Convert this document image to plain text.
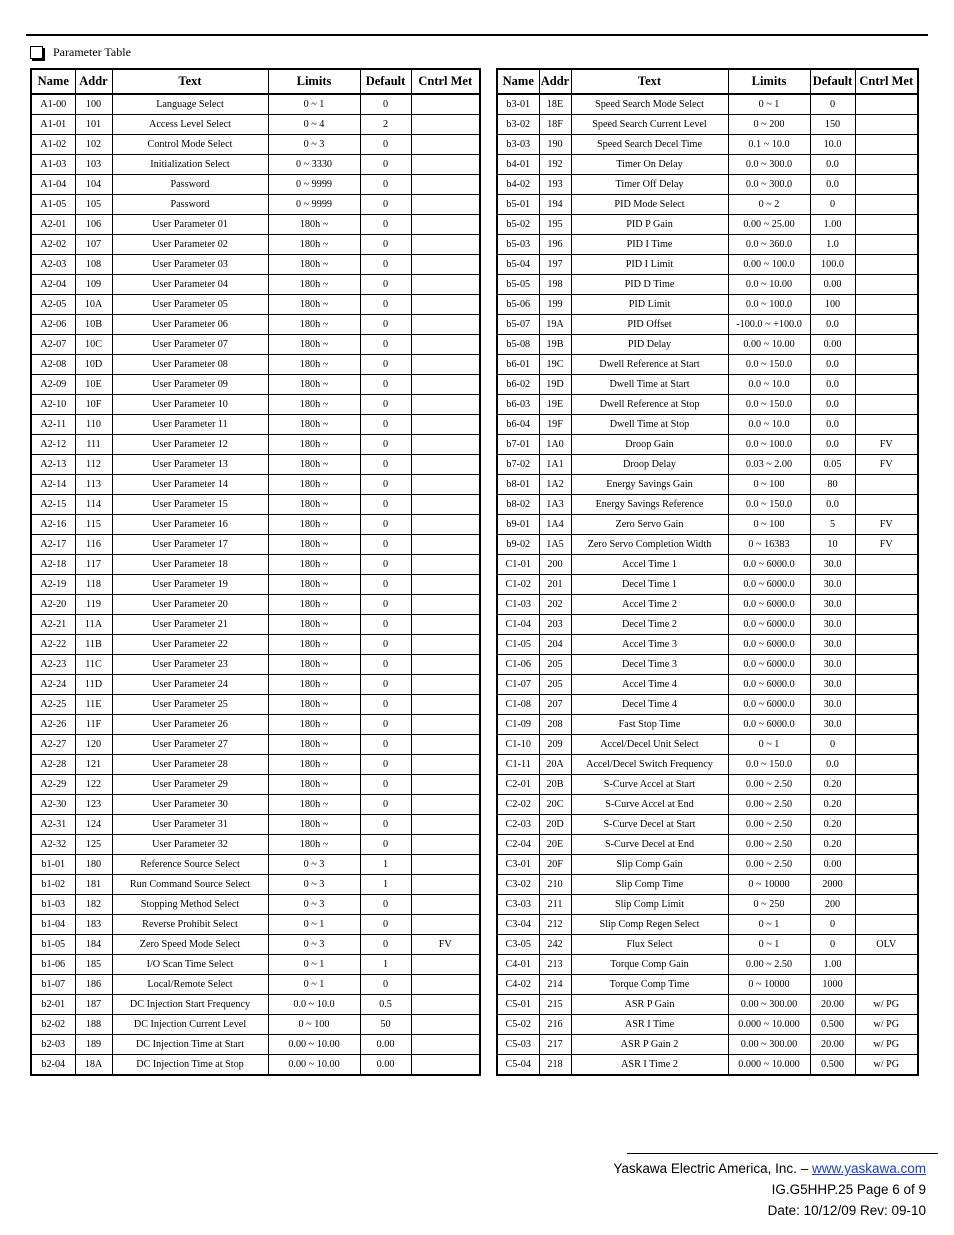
Parameter Table
Name	Addr	Text	Limits	Default	Cntrl Met
A1-00	100	Language Select	0 ~ 1	0	
A1-01	101	Access Level Select	0 ~ 4	2	
A1-02	102	Control Mode Select	0 ~ 3	0	
A1-03	103	Initialization Select	0 ~ 3330	0	
A1-04	104	Password	0 ~ 9999	0	
A1-05	105	Password	0 ~ 9999	0	
A2-01	106	User Parameter 01	180h ~	0	
A2-02	107	User Parameter 02	180h ~	0	
A2-03	108	User Parameter 03	180h ~	0	
A2-04	109	User Parameter 04	180h ~	0	
A2-05	10A	User Parameter 05	180h ~	0	
A2-06	10B	User Parameter 06	180h ~	0	
A2-07	10C	User Parameter 07	180h ~	0	
A2-08	10D	User Parameter 08	180h ~	0	
A2-09	10E	User Parameter 09	180h ~	0	
A2-10	10F	User Parameter 10	180h ~	0	
A2-11	110	User Parameter 11	180h ~	0	
A2-12	111	User Parameter 12	180h ~	0	
A2-13	112	User Parameter 13	180h ~	0	
A2-14	113	User Parameter 14	180h ~	0	
A2-15	114	User Parameter 15	180h ~	0	
A2-16	115	User Parameter 16	180h ~	0	
A2-17	116	User Parameter 17	180h ~	0	
A2-18	117	User Parameter 18	180h ~	0	
A2-19	118	User Parameter 19	180h ~	0	
A2-20	119	User Parameter 20	180h ~	0	
A2-21	11A	User Parameter 21	180h ~	0	
A2-22	11B	User Parameter 22	180h ~	0	
A2-23	11C	User Parameter 23	180h ~	0	
A2-24	11D	User Parameter 24	180h ~	0	
A2-25	11E	User Parameter 25	180h ~	0	
A2-26	11F	User Parameter 26	180h ~	0	
A2-27	120	User Parameter 27	180h ~	0	
A2-28	121	User Parameter 28	180h ~	0	
A2-29	122	User Parameter 29	180h ~	0	
A2-30	123	User Parameter 30	180h ~	0	
A2-31	124	User Parameter 31	180h ~	0	
A2-32	125	User Parameter 32	180h ~	0	
b1-01	180	Reference Source Select	0 ~ 3	1	
b1-02	181	Run Command Source Select	0 ~ 3	1	
b1-03	182	Stopping Method Select	0 ~ 3	0	
b1-04	183	Reverse Prohibit Select	0 ~ 1	0	
b1-05	184	Zero Speed Mode Select	0 ~ 3	0	FV
b1-06	185	I/O Scan Time Select	0 ~ 1	1	
b1-07	186	Local/Remote Select	0 ~ 1	0	
b2-01	187	DC Injection Start Frequency	0.0 ~ 10.0	0.5	
b2-02	188	DC Injection Current Level	0 ~ 100	50	
b2-03	189	DC Injection Time at Start	0.00 ~ 10.00	0.00	
b2-04	18A	DC Injection Time at Stop	0.00 ~ 10.00	0.00	
Name	Addr	Text	Limits	Default	Cntrl Met
b3-01	18E	Speed Search Mode Select	0 ~ 1	0	
b3-02	18F	Speed Search Current Level	0 ~ 200	150	
b3-03	190	Speed Search Decel Time	0.1 ~ 10.0	10.0	
b4-01	192	Timer On Delay	0.0 ~ 300.0	0.0	
b4-02	193	Timer Off Delay	0.0 ~ 300.0	0.0	
b5-01	194	PID Mode Select	0 ~ 2	0	
b5-02	195	PID P Gain	0.00 ~ 25.00	1.00	
b5-03	196	PID I Time	0.0 ~ 360.0	1.0	
b5-04	197	PID I Limit	0.00 ~ 100.0	100.0	
b5-05	198	PID D Time	0.0 ~ 10.00	0.00	
b5-06	199	PID Limit	0.0 ~ 100.0	100	
b5-07	19A	PID Offset	-100.0 ~ +100.0	0.0	
b5-08	19B	PID Delay	0.00 ~ 10.00	0.00	
b6-01	19C	Dwell Reference at Start	0.0 ~ 150.0	0.0	
b6-02	19D	Dwell Time at Start	0.0 ~ 10.0	0.0	
b6-03	19E	Dwell Reference at Stop	0.0 ~ 150.0	0.0	
b6-04	19F	Dwell Time at Stop	0.0 ~ 10.0	0.0	
b7-01	1A0	Droop Gain	0.0 ~ 100.0	0.0	FV
b7-02	1A1	Droop Delay	0.03 ~ 2.00	0.05	FV
b8-01	1A2	Energy Savings Gain	0 ~ 100	80	
b8-02	1A3	Energy Savings Reference	0.0 ~ 150.0	0.0	
b9-01	1A4	Zero Servo Gain	0 ~ 100	5	FV
b9-02	1A5	Zero Servo Completion Width	0 ~ 16383	10	FV
C1-01	200	Accel Time 1	0.0 ~ 6000.0	30.0	
C1-02	201	Decel Time 1	0.0 ~ 6000.0	30.0	
C1-03	202	Accel Time 2	0.0 ~ 6000.0	30.0	
C1-04	203	Decel Time 2	0.0 ~ 6000.0	30.0	
C1-05	204	Accel Time 3	0.0 ~ 6000.0	30.0	
C1-06	205	Decel Time 3	0.0 ~ 6000.0	30.0	
C1-07	205	Accel Time 4	0.0 ~ 6000.0	30.0	
C1-08	207	Decel Time 4	0.0 ~ 6000.0	30.0	
C1-09	208	Fast Stop Time	0.0 ~ 6000.0	30.0	
C1-10	209	Accel/Decel Unit Select	0 ~ 1	0	
C1-11	20A	Accel/Decel Switch Frequency	0.0 ~ 150.0	0.0	
C2-01	20B	S-Curve Accel at Start	0.00 ~ 2.50	0.20	
C2-02	20C	S-Curve Accel at End	0.00 ~ 2.50	0.20	
C2-03	20D	S-Curve Decel at Start	0.00 ~ 2.50	0.20	
C2-04	20E	S-Curve Decel at End	0.00 ~ 2.50	0.20	
C3-01	20F	Slip Comp Gain	0.00 ~ 2.50	0.00	
C3-02	210	Slip Comp Time	0 ~ 10000	2000	
C3-03	211	Slip Comp Limit	0 ~ 250	200	
C3-04	212	Slip Comp Regen Select	0 ~ 1	0	
C3-05	242	Flux Select	0 ~ 1	0	OLV
C4-01	213	Torque Comp Gain	0.00 ~ 2.50	1.00	
C4-02	214	Torque Comp Time	0 ~ 10000	1000	
C5-01	215	ASR P Gain	0.00 ~ 300.00	20.00	w/ PG
C5-02	216	ASR I Time	0.000 ~ 10.000	0.500	w/ PG
C5-03	217	ASR P Gain 2	0.00 ~ 300.00	20.00	w/ PG
C5-04	218	ASR I Time 2	0.000 ~ 10.000	0.500	w/ PG
Yaskawa Electric America, Inc. – www.yaskawa.com
IG.G5HHP.25 Page 6 of 9
Date: 10/12/09 Rev: 09-10
